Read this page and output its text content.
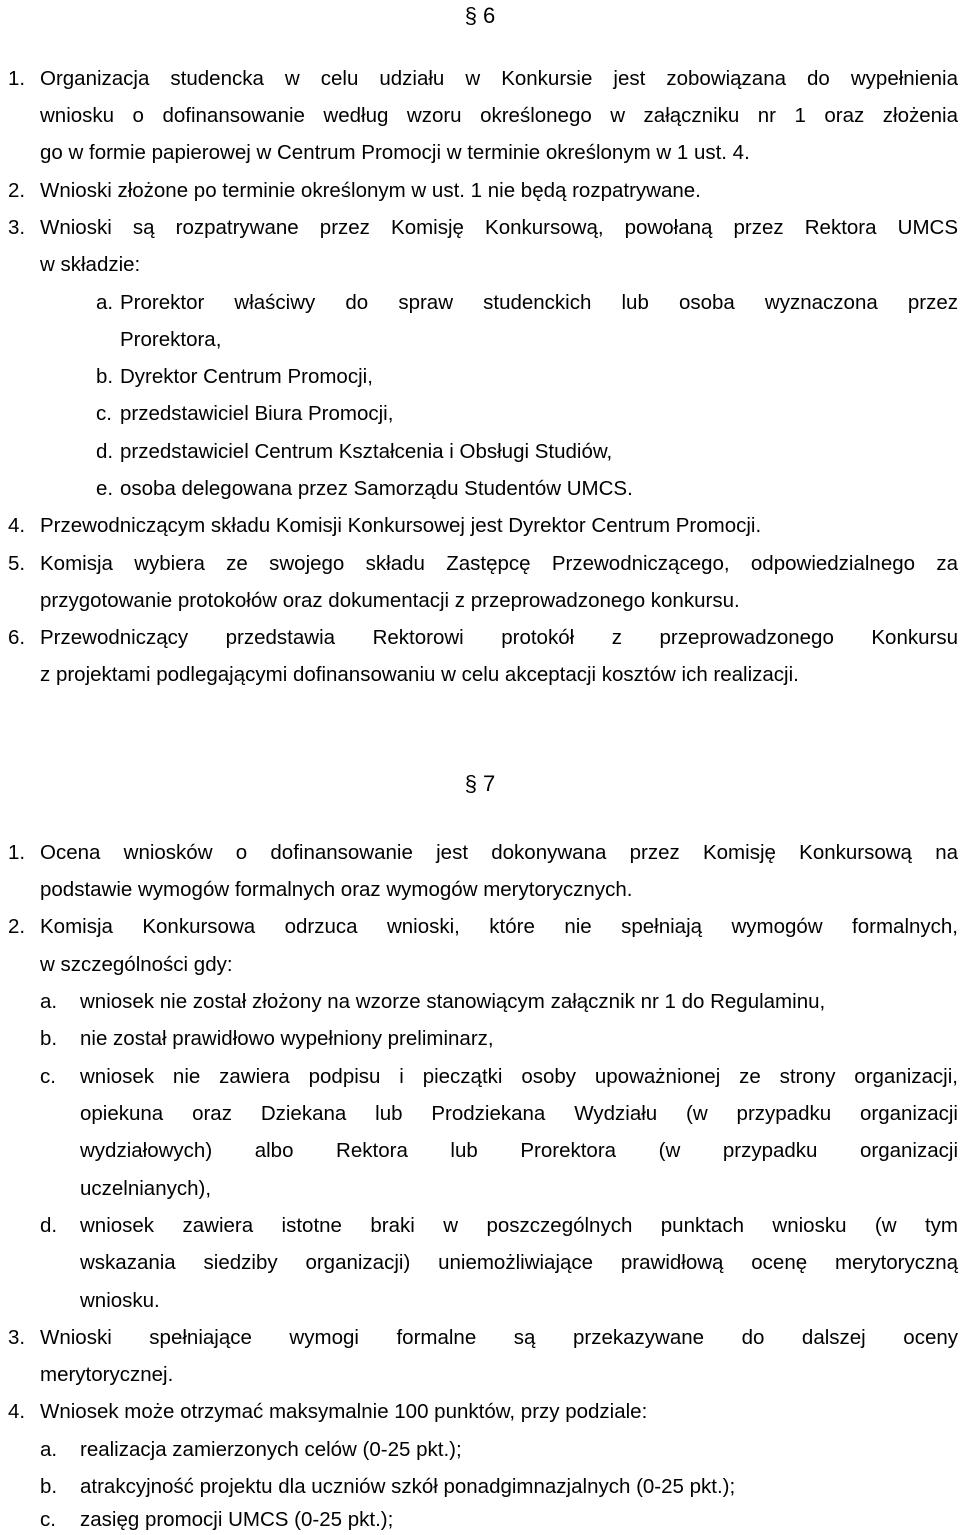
§ 6
1. Organizacja studencka w celu udziału w Konkursie jest zobowiązana do wypełnienia
wniosku o dofinansowanie według wzoru określonego w załączniku nr 1 oraz złożenia
go w formie papierowej w Centrum Promocji w terminie określonym w 1 ust. 4.
2. Wnioski złożone po terminie określonym w ust. 1 nie będą rozpatrywane.
3. Wnioski są rozpatrywane przez Komisję Konkursową, powołaną przez Rektora UMCS
w składzie:
a. Prorektor właściwy do spraw studenckich lub osoba wyznaczona przez
Prorektora,
b. Dyrektor Centrum Promocji,
c. przedstawiciel Biura Promocji,
d. przedstawiciel Centrum Kształcenia i Obsługi Studiów,
e. osoba delegowana przez Samorządu Studentów UMCS.
4. Przewodniczącym składu Komisji Konkursowej jest Dyrektor Centrum Promocji.
5. Komisja wybiera ze swojego składu Zastępcę Przewodniczącego, odpowiedzialnego za
przygotowanie protokołów oraz dokumentacji z przeprowadzonego konkursu.
6. Przewodniczący przedstawia Rektorowi protokół z przeprowadzonego Konkursu
z projektami podlegającymi dofinansowaniu w celu akceptacji kosztów ich realizacji.
§ 7
1. Ocena wniosków o dofinansowanie jest dokonywana przez Komisję Konkursową na
podstawie wymogów formalnych oraz wymogów merytorycznych.
2. Komisja Konkursowa odrzuca wnioski, które nie spełniają wymogów formalnych,
w szczególności gdy:
a. wniosek nie został złożony na wzorze stanowiącym załącznik nr 1 do Regulaminu,
b. nie został prawidłowo wypełniony preliminarz,
c. wniosek nie zawiera podpisu i pieczątki osoby upoważnionej ze strony organizacji,
opiekuna oraz Dziekana lub Prodziekana Wydziału (w przypadku organizacji
wydziałowych) albo Rektora lub Prorektora (w przypadku organizacji
uczelnianych),
d. wniosek zawiera istotne braki w poszczególnych punktach wniosku (w tym
wskazania siedziby organizacji) uniemożliwiające prawidłową ocenę merytoryczną
wniosku.
3. Wnioski spełniające wymogi formalne są przekazywane do dalszej oceny
merytorycznej.
4. Wniosek może otrzymać maksymalnie 100 punktów, przy podziale:
a. realizacja zamierzonych celów (0-25 pkt.);
b. atrakcyjność projektu dla uczniów szkół ponadgimnazjalnych (0-25 pkt.);
c. zasięg promocji UMCS (0-25 pkt.);
